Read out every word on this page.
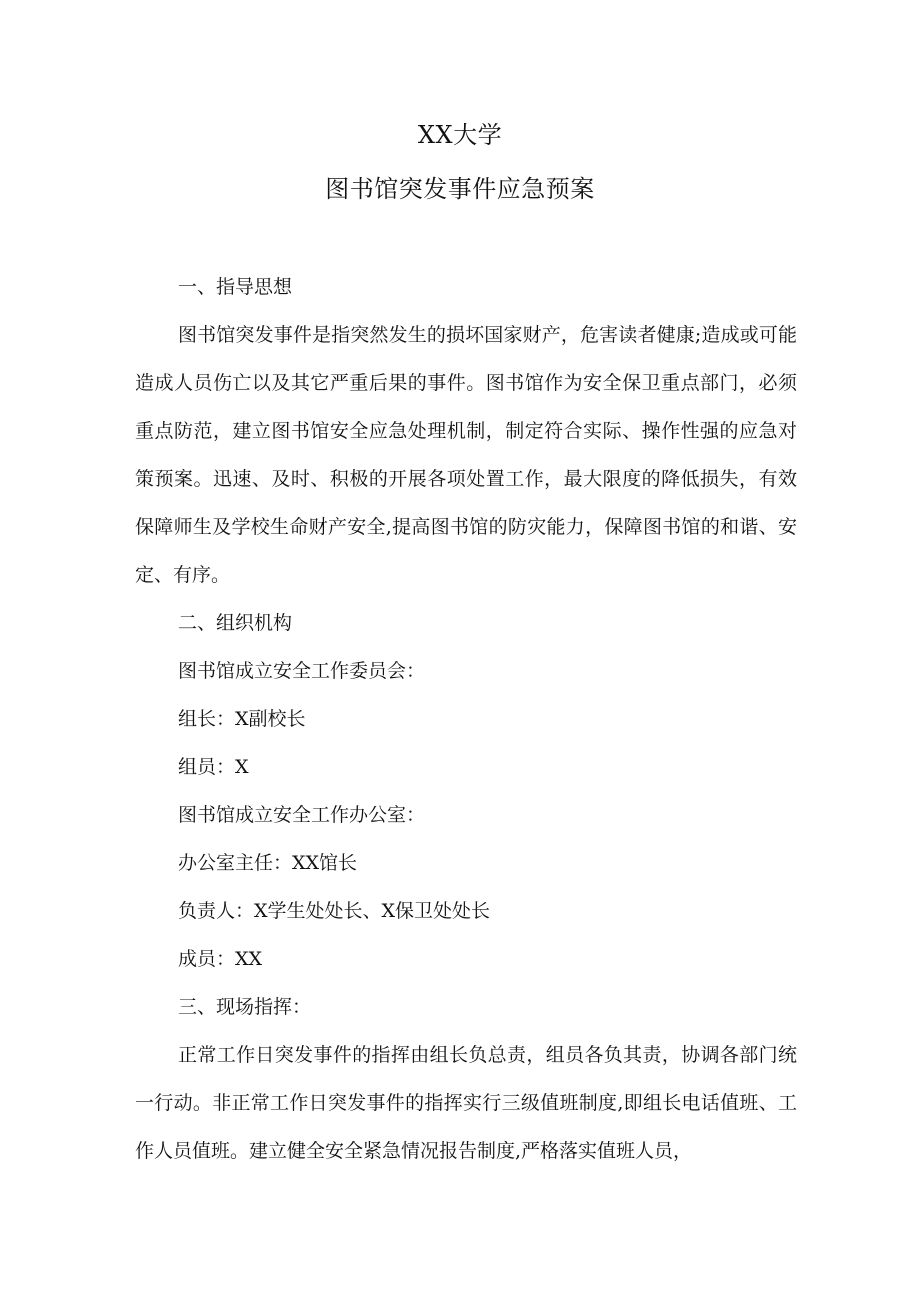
XX大学
图书馆突发事件应急预案

一、指导思想

图书馆突发事件是指突然发生的损坏国家财产，危害读者健康;造成或可能造成人员伤亡以及其它严重后果的事件。图书馆作为安全保卫重点部门，必须重点防范，建立图书馆安全应急处理机制，制定符合实际、操作性强的应急对策预案。迅速、及时、积极的开展各项处置工作，最大限度的降低损失，有效保障师生及学校生命财产安全,提高图书馆的防灾能力，保障图书馆的和谐、安定、有序。

二、组织机构

图书馆成立安全工作委员会：

组长：X副校长

组员：X

图书馆成立安全工作办公室：

办公室主任：XX馆长

负责人：X学生处处长、X保卫处处长

成员：XX

三、现场指挥：

正常工作日突发事件的指挥由组长负总责，组员各负其责，协调各部门统一行动。非正常工作日突发事件的指挥实行三级值班制度,即组长电话值班、工作人员值班。建立健全安全紧急情况报告制度,严格落实值班人员，
